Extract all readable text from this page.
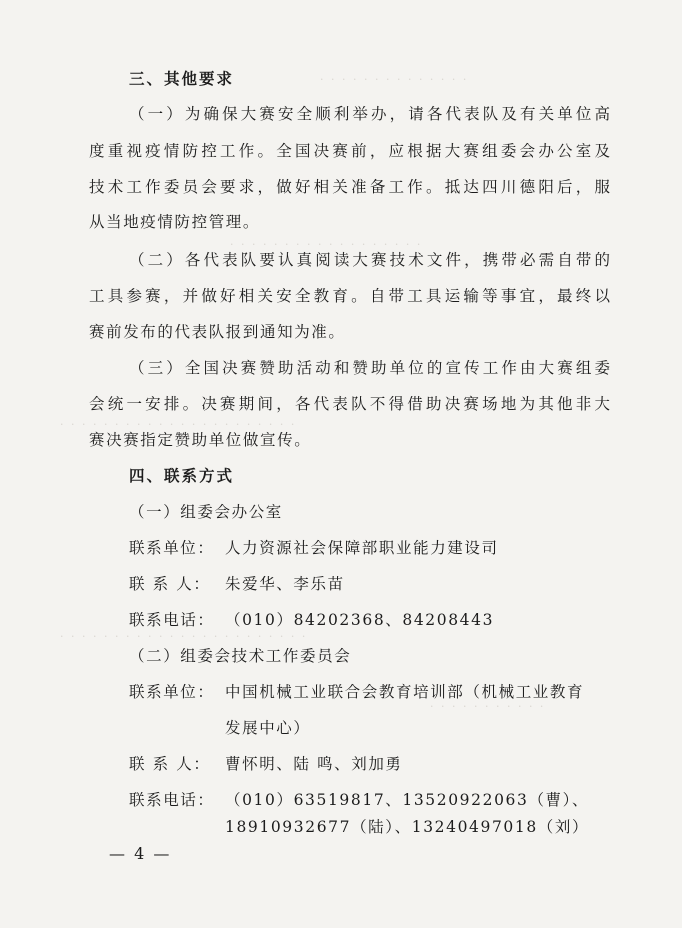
· · · · · · · · · · · · · ·
· · · · · · · · · · · · · · · · · ·
· · · · · · · · · · · · · · · · · · · · · ·
· · · · · · · · · · · · · · · · · · · · · · ·
· · · · · · · · · · ·
三、其他要求
（一）为确保大赛安全顺利举办，请各代表队及有关单位高
度重视疫情防控工作。全国决赛前，应根据大赛组委会办公室及
技术工作委员会要求，做好相关准备工作。抵达四川德阳后，服
从当地疫情防控管理。
（二）各代表队要认真阅读大赛技术文件，携带必需自带的
工具参赛，并做好相关安全教育。自带工具运输等事宜，最终以
赛前发布的代表队报到通知为准。
（三）全国决赛赞助活动和赞助单位的宣传工作由大赛组委
会统一安排。决赛期间，各代表队不得借助决赛场地为其他非大
赛决赛指定赞助单位做宣传。
四、联系方式
（一）组委会办公室
联系单位： 人力资源社会保障部职业能力建设司
联 系 人： 朱爱华、李乐苗
联系电话： （010）84202368、84208443
（二）组委会技术工作委员会
联系单位： 中国机械工业联合会教育培训部（机械工业教育
发展中心）
联 系 人： 曹怀明、陆 鸣、刘加勇
联系电话： （010）63519817、13520922063（曹）、
18910932677（陆）、13240497018（刘）
— 4 —
